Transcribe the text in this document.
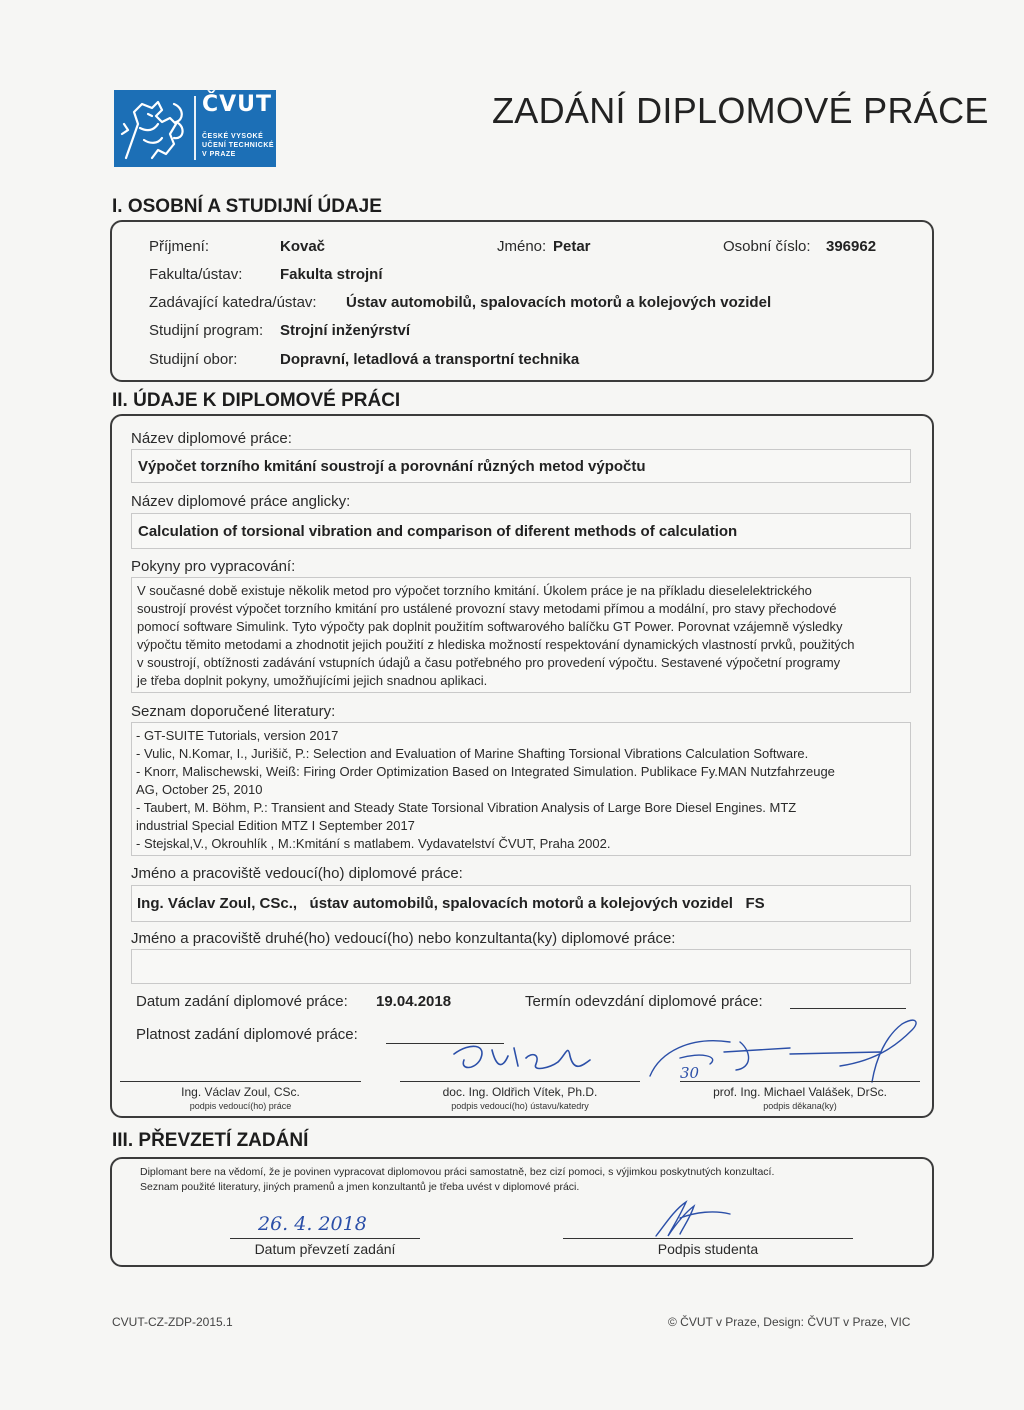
ČVUT
ČESKÉ VYSOKÉ
UČENÍ TECHNICKÉ
V PRAZE
ZADÁNÍ DIPLOMOVÉ PRÁCE
I. OSOBNÍ A STUDIJNÍ ÚDAJE
Příjmení:	Kovač	Jméno: Petar	Osobní číslo: 396962
Fakulta/ústav:	Fakulta strojní
Zadávající katedra/ústav: Ústav automobilů, spalovacích motorů a kolejových vozidel
Studijní program: Strojní inženýrství
Studijní obor:	Dopravní, letadlová a transportní technika
II. ÚDAJE K DIPLOMOVÉ PRÁCI
Název diplomové práce:
Výpočet torzního kmitání soustrojí a porovnání různých metod výpočtu
Název diplomové práce anglicky:
Calculation of torsional vibration and comparison of diferent methods of calculation
Pokyny pro vypracování:
V současné době existuje několik metod pro výpočet torzního kmitání. Úkolem práce je na příkladu dieselelektrického
soustrojí provést výpočet torzního kmitání pro ustálené provozní stavy metodami přímou a modální, pro stavy přechodové
pomocí software Simulink. Tyto výpočty pak doplnit použitím softwarového balíčku GT Power. Porovnat vzájemně výsledky
výpočtu těmito metodami a zhodnotit jejich použití z hlediska možností respektování dynamických vlastností prvků, použitých
v soustrojí, obtížnosti zadávání vstupních údajů a času potřebného pro provedení výpočtu. Sestavené výpočetní programy
je třeba doplnit pokyny, umožňujícími jejich snadnou aplikaci.
Seznam doporučené literatury:
- GT-SUITE Tutorials, version 2017
- Vulic, N.Komar, I., Jurišič, P.: Selection and Evaluation of Marine Shafting Torsional Vibrations Calculation Software.
- Knorr, Malischewski, Weiß: Firing Order Optimization Based on Integrated Simulation. Publikace Fy.MAN Nutzfahrzeuge
AG, October 25, 2010
- Taubert, M. Böhm, P.: Transient and Steady State Torsional Vibration Analysis of Large Bore Diesel Engines. MTZ
industrial Special Edition MTZ I September 2017
- Stejskal,V., Okrouhlík , M.:Kmitání s matlabem. Vydavatelství ČVUT, Praha 2002.
Jméno a pracoviště vedoucí(ho) diplomové práce:
Ing. Václav Zoul, CSc.,   ústav automobilů, spalovacích motorů a kolejových vozidel   FS
Jméno a pracoviště druhé(ho) vedoucí(ho) nebo konzultanta(ky) diplomové práce:
Datum zadání diplomové práce: 19.04.2018	Termín odevzdání diplomové práce:
Platnost zadání diplomové práce:
30
Ing. Václav Zoul, CSc.
podpis vedoucí(ho) práce
doc. Ing. Oldřich Vítek, Ph.D.
podpis vedoucí(ho) ústavu/katedry
prof. Ing. Michael Valášek, DrSc.
podpis děkana(ky)
III. PŘEVZETÍ ZADÁNÍ
Diplomant bere na vědomí, že je povinen vypracovat diplomovou práci samostatně, bez cizí pomoci, s výjimkou poskytnutých konzultací.
Seznam použité literatury, jiných pramenů a jmen konzultantů je třeba uvést v diplomové práci.
26. 4. 2018
Datum převzetí zadání	Podpis studenta
CVUT-CZ-ZDP-2015.1	© ČVUT v Praze, Design: ČVUT v Praze, VIC
